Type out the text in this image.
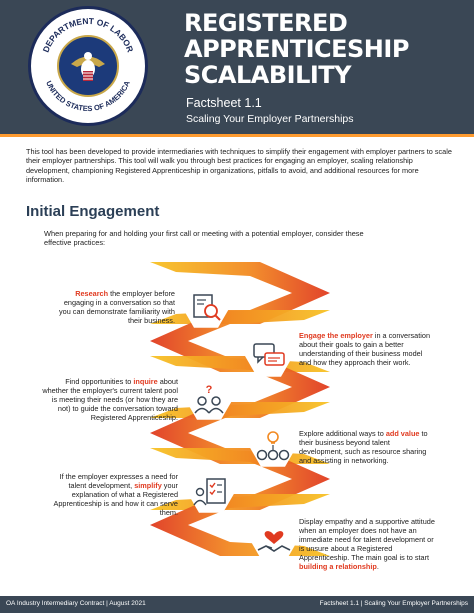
DEPARTMENT OF LABOR
UNITED STATES OF AMERICA
REGISTERED
APPRENTICESHIP
SCALABILITY
Factsheet 1.1
Scaling Your Employer Partnerships
This tool has been developed to provide intermediaries with techniques to simplify their engagement with employer partners to scale their employer partnerships. This tool will walk you through best practices for engaging an employer, scaling relationship development, championing Registered Apprenticeship in organizations, pitfalls to avoid, and additional resources for more information.
Initial Engagement
When preparing for and holding your first call or meeting with a potential employer, consider these effective practices:
?
Research the employer before engaging in a conversation so that you can demonstrate familiarity with their business.
Engage the employer in a conversation about their goals to gain a better understanding of their business model and how they approach their work.
Find opportunities to inquire about whether the employer's current talent pool is meeting their needs (or how they are not) to guide the conversation toward Registered Apprenticeship.
Explore additional ways to add value to their business beyond talent development, such as resource sharing and assisting in networking.
If the employer expresses a need for talent development, simplify your explanation of what a Registered Apprenticeship is and how it can serve them.
Display empathy and a supportive attitude when an employer does not have an immediate need for talent development or is unsure about a Registered Apprenticeship. The main goal is to start building a relationship.
OA Industry Intermediary Contract | August 2021	Factsheet 1.1 | Scaling Your Employer Partnerships
